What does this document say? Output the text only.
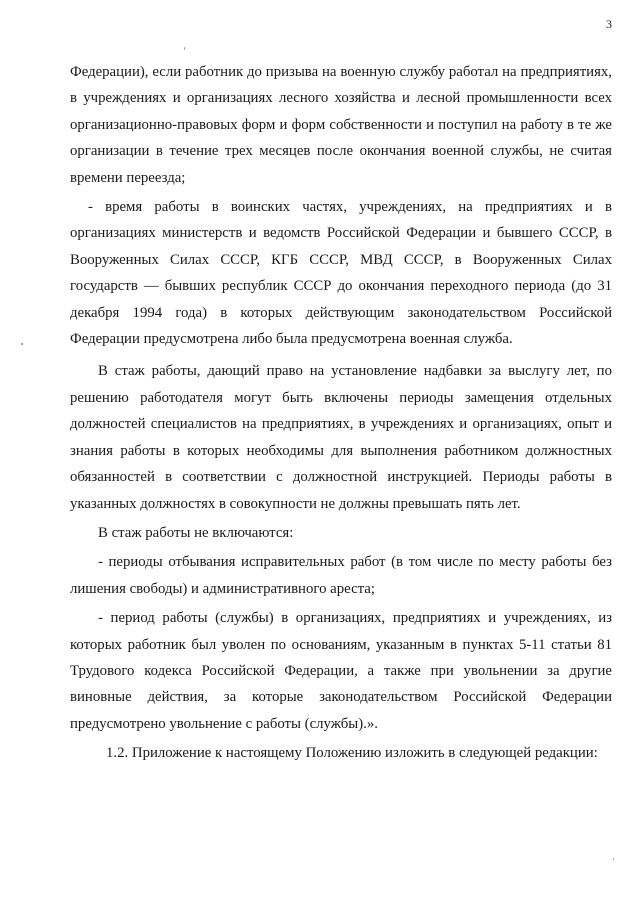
3

Федерации), если работник до призыва на военную службу работал на предприятиях, в учреждениях и организациях лесного хозяйства и лесной промышленности всех организационно-правовых форм и форм собственности и поступил на работу в те же организации в течение трех месяцев после окончания военной службы, не считая времени переезда;

- время работы в воинских частях, учреждениях, на предприятиях и в организациях министерств и ведомств Российской Федерации и бывшего СССР, в Вооруженных Силах СССР, КГБ СССР, МВД СССР, в Вооруженных Силах государств — бывших республик СССР до окончания переходного периода (до 31 декабря 1994 года) в которых действующим законодательством Российской Федерации предусмотрена либо была предусмотрена военная служба.

В стаж работы, дающий право на установление надбавки за выслугу лет, по решению работодателя могут быть включены периоды замещения отдельных должностей специалистов на предприятиях, в учреждениях и организациях, опыт и знания работы в которых необходимы для выполнения работником должностных обязанностей в соответствии с должностной инструкцией. Периоды работы в указанных должностях в совокупности не должны превышать пять лет.

В стаж работы не включаются:

- периоды отбывания исправительных работ (в том числе по месту работы без лишения свободы) и административного ареста;

- период работы (службы) в организациях, предприятиях и учреждениях, из которых работник был уволен по основаниям, указанным в пунктах 5-11 статьи 81 Трудового кодекса Российской Федерации, а также при увольнении за другие виновные действия, за которые законодательством Российской Федерации предусмотрено увольнение с работы (службы).».

1.2. Приложение к настоящему Положению изложить в следующей редакции:
